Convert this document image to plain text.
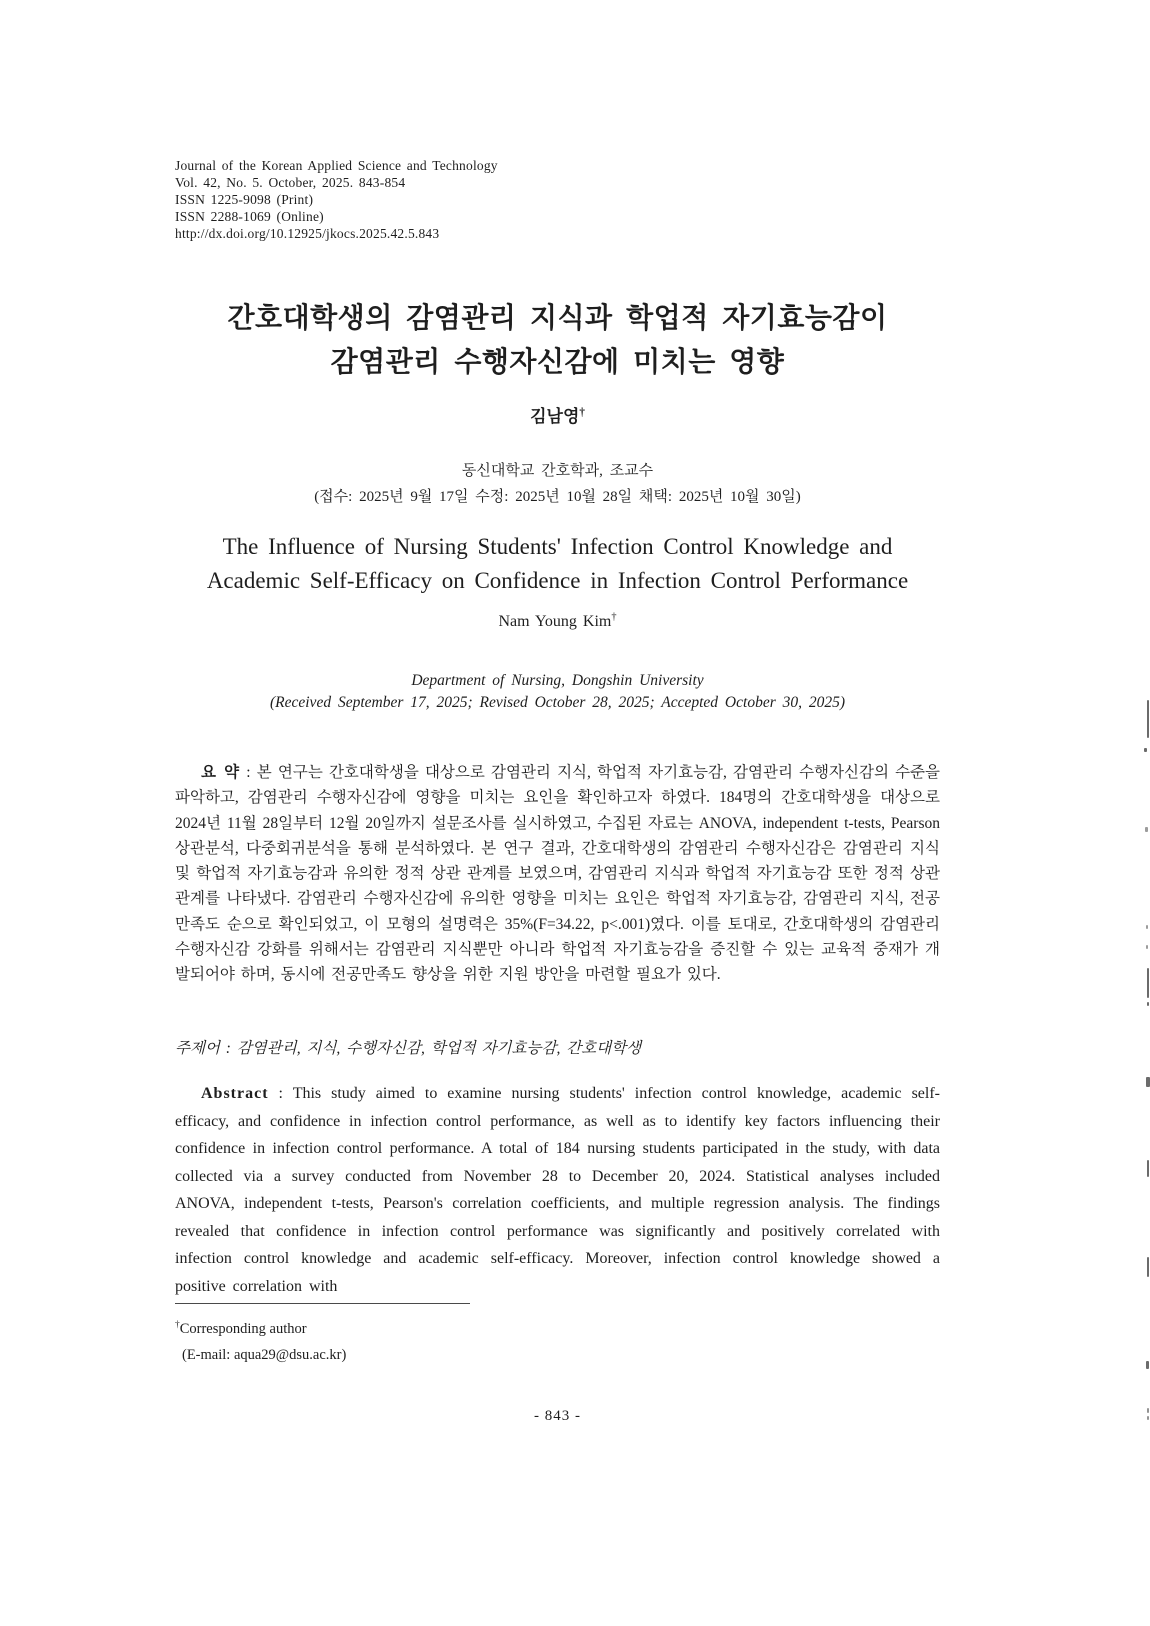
Journal of the Korean Applied Science and Technology
Vol. 42, No. 5. October, 2025. 843-854
ISSN 1225-9098 (Print)
ISSN 2288-1069 (Online)
http://dx.doi.org/10.12925/jkocs.2025.42.5.843
간호대학생의 감염관리 지식과 학업적 자기효능감이
감염관리 수행자신감에 미치는 영향
김남영†
동신대학교 간호학과, 조교수
(접수: 2025년 9월 17일 수정: 2025년 10월 28일 채택: 2025년 10월 30일)
The Influence of Nursing Students' Infection Control Knowledge and
Academic Self-Efficacy on Confidence in Infection Control Performance
Nam Young Kim†
Department of Nursing, Dongshin University
(Received September 17, 2025; Revised October 28, 2025; Accepted October 30, 2025)

요 약 : 본 연구는 간호대학생을 대상으로 감염관리 지식, 학업적 자기효능감, 감염관리 수행자신감의 수준을 파악하고, 감염관리 수행자신감에 영향을 미치는 요인을 확인하고자 하였다. 184명의 간호대학생을 대상으로 2024년 11월 28일부터 12월 20일까지 설문조사를 실시하였고, 수집된 자료는 ANOVA, independent t-tests, Pearson 상관분석, 다중회귀분석을 통해 분석하였다. 본 연구 결과, 간호대학생의 감염관리 수행자신감은 감염관리 지식 및 학업적 자기효능감과 유의한 정적 상관 관계를 보였으며, 감염관리 지식과 학업적 자기효능감 또한 정적 상관 관계를 나타냈다. 감염관리 수행자신감에 유의한 영향을 미치는 요인은 학업적 자기효능감, 감염관리 지식, 전공만족도 순으로 확인되었고, 이 모형의 설명력은 35%(F=34.22, p<.001)였다. 이를 토대로, 간호대학생의 감염관리 수행자신감 강화를 위해서는 감염관리 지식뿐만 아니라 학업적 자기효능감을 증진할 수 있는 교육적 중재가 개발되어야 하며, 동시에 전공만족도 향상을 위한 지원 방안을 마련할 필요가 있다.

주제어 : 감염관리, 지식, 수행자신감, 학업적 자기효능감, 간호대학생

Abstract : This study aimed to examine nursing students' infection control knowledge, academic self-efficacy, and confidence in infection control performance, as well as to identify key factors influencing their confidence in infection control performance. A total of 184 nursing students participated in the study, with data collected via a survey conducted from November 28 to December 20, 2024. Statistical analyses included ANOVA, independent t-tests, Pearson's correlation coefficients, and multiple regression analysis. The findings revealed that confidence in infection control performance was significantly and positively correlated with infection control knowledge and academic self-efficacy. Moreover, infection control knowledge showed a positive correlation with

†Corresponding author
(E-mail: aqua29@dsu.ac.kr)
- 843 -
